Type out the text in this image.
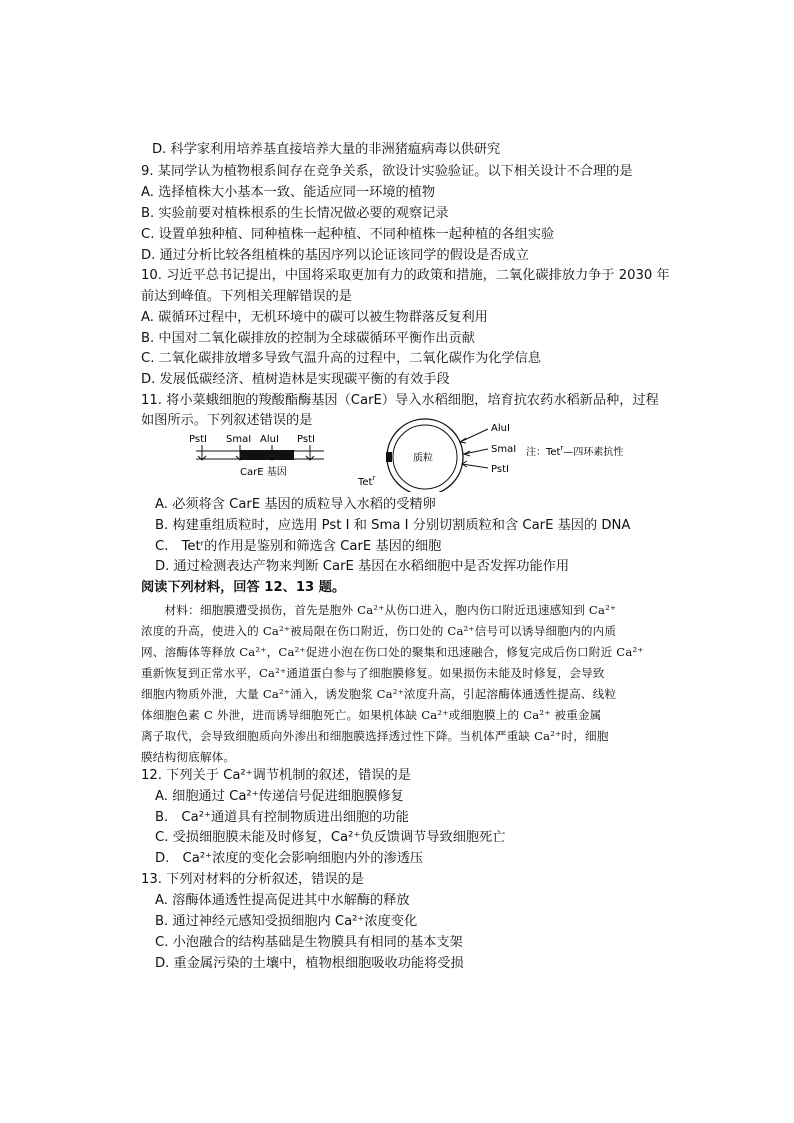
D. 科学家利用培养基直接培养大量的非洲猪瘟病毒以供研究
9. 某同学认为植物根系间存在竞争关系，欲设计实验验证。以下相关设计不合理的是
A. 选择植株大小基本一致、能适应同一环境的植物
B. 实验前要对植株根系的生长情况做必要的观察记录
C. 设置单独种植、同种植株一起种植、不同种植株一起种植的各组实验
D. 通过分析比较各组植株的基因序列以论证该同学的假设是否成立
10. 习近平总书记提出，中国将采取更加有力的政策和措施，二氧化碳排放力争于 2030 年
前达到峰值。下列相关理解错误的是
A. 碳循环过程中，无机环境中的碳可以被生物群落反复利用
B. 中国对二氧化碳排放的控制为全球碳循环平衡作出贡献
C. 二氧化碳排放增多导致气温升高的过程中，二氧化碳作为化学信息
D. 发展低碳经济、植树造林是实现碳平衡的有效手段
11. 将小菜蛾细胞的羧酸酯酶基因（CarE）导入水稻细胞，培育抗农药水稻新品种，过程
如图所示。下列叙述错误的是
PstI SmaI AluI PstI
CarE 基因
质粒
Tet$^r$
AluI
SmaI
PstI
注：Tet$^r$—四环素抗性
A. 必须将含 CarE 基因的质粒导入水稻的受精卵
B. 构建重组质粒时，应选用 Pst I 和 Sma I 分别切割质粒和含 CarE 基因的 DNA
C.　Tetʳ的作用是鉴别和筛选含 CarE 基因的细胞
D. 通过检测表达产物来判断 CarE 基因在水稻细胞中是否发挥功能作用
阅读下列材料，回答 12、13 题。
　　材料：细胞膜遭受损伤，首先是胞外 Ca²⁺从伤口进入，胞内伤口附近迅速感知到 Ca²⁺
浓度的升高，使进入的 Ca²⁺被局限在伤口附近，伤口处的 Ca²⁺信号可以诱导细胞内的内质
网、溶酶体等释放 Ca²⁺，Ca²⁺促进小泡在伤口处的聚集和迅速融合，修复完成后伤口附近 Ca²⁺
重新恢复到正常水平，Ca²⁺通道蛋白参与了细胞膜修复。如果损伤未能及时修复，会导致
细胞内物质外泄，大量 Ca²⁺涌入，诱发胞浆 Ca²⁺浓度升高，引起溶酶体通透性提高、线粒
体细胞色素 C 外泄，进而诱导细胞死亡。如果机体缺 Ca²⁺或细胞膜上的 Ca²⁺ 被重金属
离子取代，会导致细胞质向外渗出和细胞膜选择透过性下降。当机体严重缺 Ca²⁺时，细胞
膜结构彻底解体。
12. 下列关于 Ca²⁺调节机制的叙述，错误的是
A. 细胞通过 Ca²⁺传递信号促进细胞膜修复
B.　Ca²⁺通道具有控制物质进出细胞的功能
C. 受损细胞膜未能及时修复，Ca²⁺负反馈调节导致细胞死亡
D.　Ca²⁺浓度的变化会影响细胞内外的渗透压
13. 下列对材料的分析叙述，错误的是
A. 溶酶体通透性提高促进其中水解酶的释放
B. 通过神经元感知受损细胞内 Ca²⁺浓度变化
C. 小泡融合的结构基础是生物膜具有相同的基本支架
D. 重金属污染的土壤中，植物根细胞吸收功能将受损
